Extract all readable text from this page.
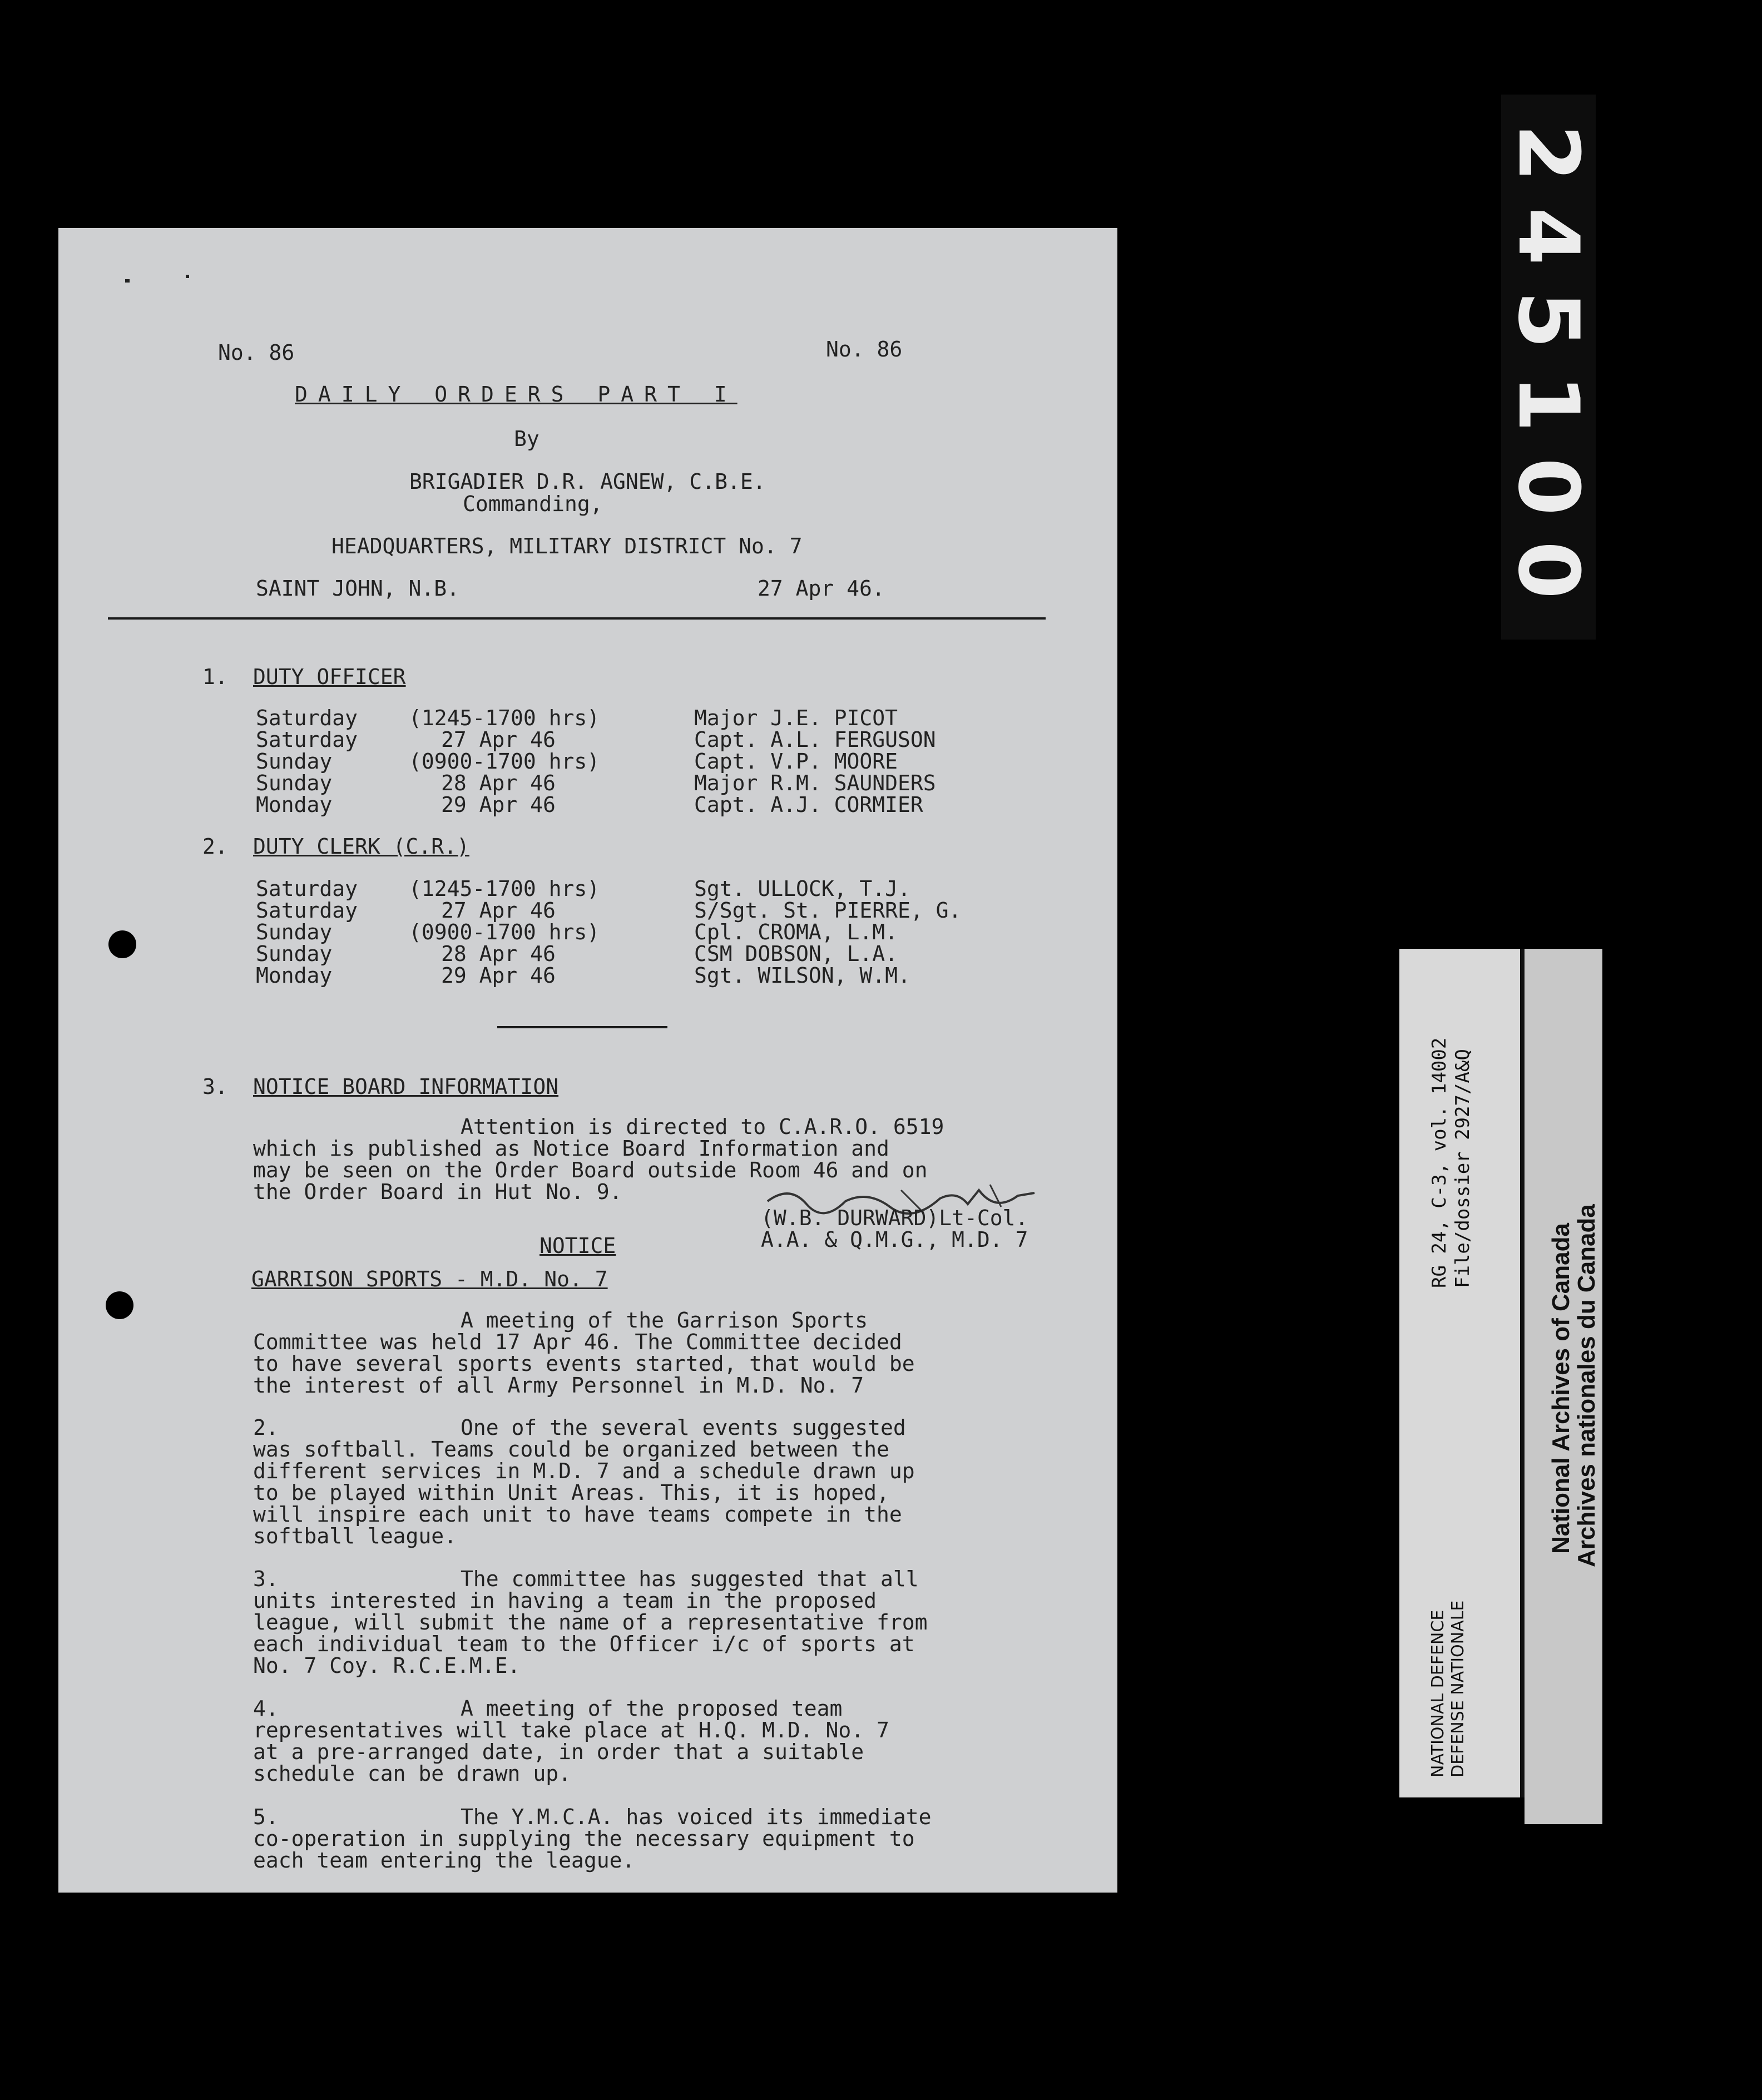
No. 86	No. 86
DAILY ORDERS PART I
By
BRIGADIER D.R. AGNEW, C.B.E.
Commanding,
HEADQUARTERS, MILITARY DISTRICT No. 7
SAINT JOHN, N.B.	27 Apr 46.
1. DUTY OFFICER
Saturday (1245-1700 hrs)	Major J.E. PICOT
Saturday	27 Apr 46	Capt. A.L. FERGUSON
Sunday	(0900-1700 hrs)	Capt. V.P. MOORE
Sunday	28 Apr 46	Major R.M. SAUNDERS
Monday	29 Apr 46	Capt. A.J. CORMIER
2. DUTY CLERK (C.R.)
Saturday (1245-1700 hrs)	Sgt. ULLOCK, T.J.
Saturday	27 Apr 46	S/Sgt. St. PIERRE, G.
Sunday	(0900-1700 hrs)	Cpl. CROMA, L.M.
Sunday	28 Apr 46	CSM DOBSON, L.A.
Monday	29 Apr 46	Sgt. WILSON, W.M.
3. NOTICE BOARD INFORMATION
Attention is directed to C.A.R.O. 6519
which is published as Notice Board Information and
may be seen on the Order Board outside Room 46 and on
the Order Board in Hut No. 9.
(W.B. DURWARD)Lt-Col.
A.A. & Q.M.G., M.D. 7
NOTICE
GARRISON SPORTS - M.D. No. 7
A meeting of the Garrison Sports
Committee was held 17 Apr 46. The Committee decided
to have several sports events started, that would be
the interest of all Army Personnel in M.D. No. 7
2.	One of the several events suggested
was softball. Teams could be organized between the
different services in M.D. 7 and a schedule drawn up
to be played within Unit Areas. This, it is hoped,
will inspire each unit to have teams compete in the
softball league.
3.	The committee has suggested that all
units interested in having a team in the proposed
league, will submit the name of a representative from
each individual team to the Officer i/c of sports at
No. 7 Coy. R.C.E.M.E.
4.	A meeting of the proposed team
representatives will take place at H.Q. M.D. No. 7
at a pre-arranged date, in order that a suitable
schedule can be drawn up.
5.	The Y.M.C.A. has voiced its immediate
co-operation in supplying the necessary equipment to
each team entering the league.
2
4
5
1
0
0
RG 24, C-3, vol. 14002 File/dossier 2927/A&Q
NATIONAL DEFENCE DEFENSE NATIONALE
National Archives of Canada
Archives nationales du Canada
